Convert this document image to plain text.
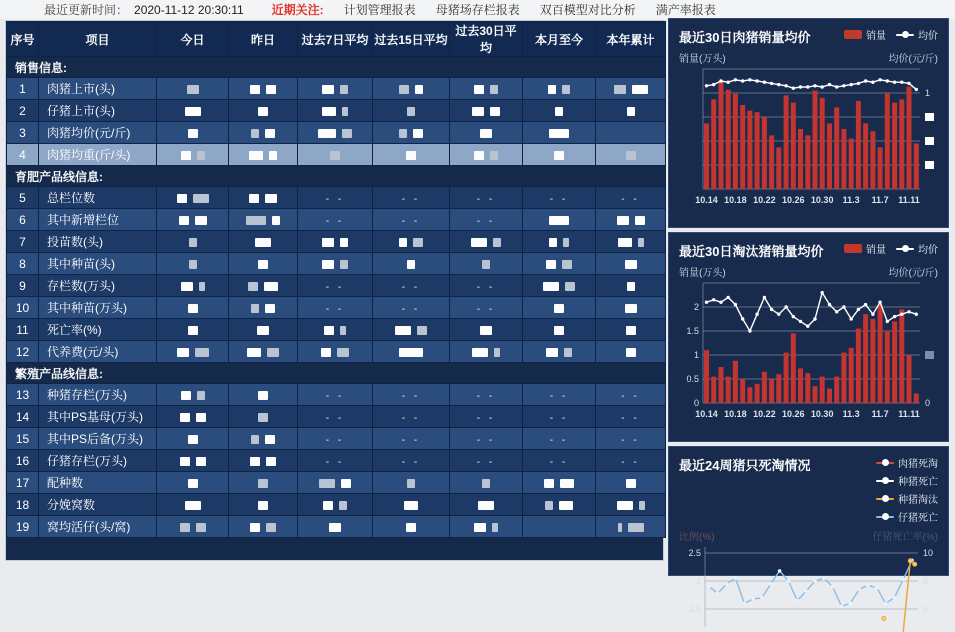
最近更新时间： 2020-11-12 20:30:11 近期关注: 计划管理报表 母猪场存栏报表 双百模型对比分析 满产率报表
序号	项目	今日	昨日	过去7日平均	过去15日平均	过去30日平均	本月至今	本年累计
销售信息:								
1	肉猪上市(头)							
2	仔猪上市(头)							
3	肉猪均价(元/斤)							
4	肉猪均重(斤/头)							
育肥产品线信息:								
5	总栏位数			- -	- -	- -	- -	- -
6	其中新增栏位			- -	- -	- -		
7	投苗数(头)							
8	其中种苗(头)							
9	存栏数(万头)			- -	- -	- -		
10	其中种苗(万头)			- -	- -	- -		
11	死亡率(%)							
12	代养费(元/头)							
繁殖产品线信息:								
13	种猪存栏(万头)			- -	- -	- -	- -	- -
14	其中PS基母(万头)			- -	- -	- -	- -	- -
15	其中PS后备(万头)			- -	- -	- -	- -	- -
16	仔猪存栏(万头)			- -	- -	- -	- -	- -
17	配种数							
18	分娩窝数							
19	窝均活仔(头/窝)							
最近30日肉猪销量均价	销量	均价
销量(万头)	均价(元/斤)
1
10.14 10.18 10.22 10.26 10.30 11.3 11.7 11.11
最近30日淘汰猪销量均价	销量	均价
销量(万头)	均价(元/斤)
2
1.5
1
0.5
0	0
10.14 10.18 10.22 10.26 10.30 11.3 11.7 11.11
最近24周猪只死淘情况	肉猪死淘
种猪死亡
种猪淘汰
仔猪死亡
比例(%)	仔猪死亡率(%)
2.5	10
2	8
1.5	6
